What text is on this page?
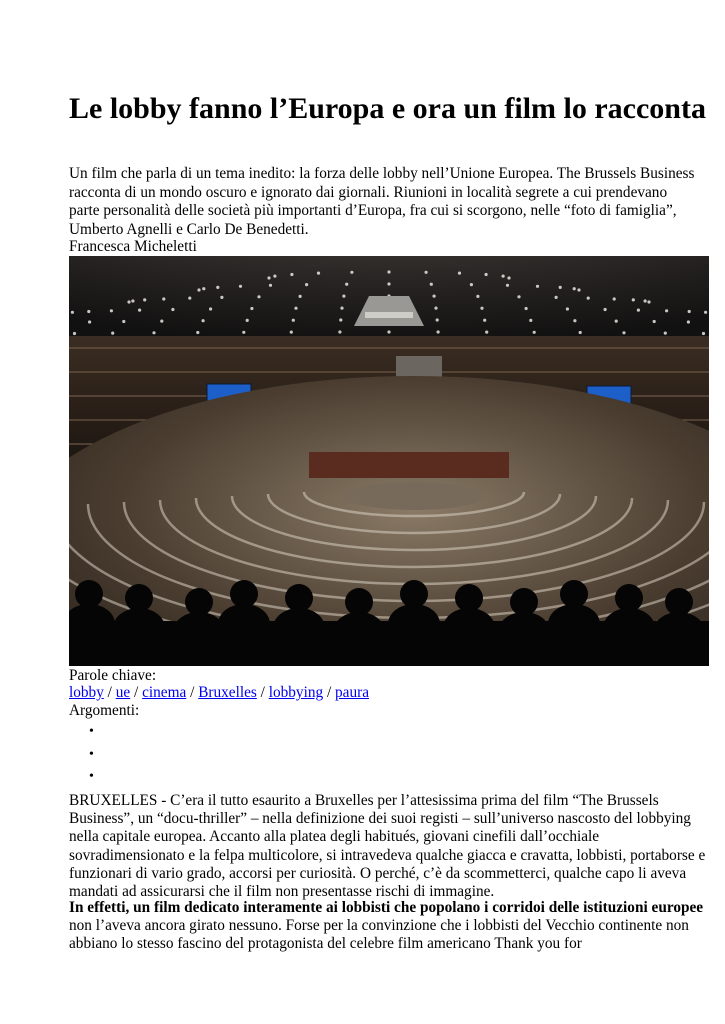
Le lobby fanno l’Europa e ora un film lo racconta

Un film che parla di un tema inedito: la forza delle lobby nell’Unione Europea. The Brussels Business racconta di un mondo oscuro e ignorato dai giornali. Riunioni in località segrete a cui prendevano parte personalità delle società più importanti d’Europa, fra cui si scorgono, nelle “foto di famiglia”, Umberto Agnelli e Carlo De Benedetti.

Francesca Micheletti
Parole chiave:
lobby / ue / cinema / Bruxelles / lobbying / paura
Argomenti:

BRUXELLES - C’era il tutto esaurito a Bruxelles per l’attesissima prima del film “The Brussels Business”, un “docu-thriller” – nella definizione dei suoi registi – sull’universo nascosto del lobbying nella capitale europea. Accanto alla platea degli habitués, giovani cinefili dall’occhiale sovradimensionato e la felpa multicolore, si intravedeva qualche giacca e cravatta, lobbisti, portaborse e funzionari di vario grado, accorsi per curiosità. O perché, c’è da scommetterci, qualche capo li aveva mandati ad assicurarsi che il film non presentasse rischi di immagine.

In effetti, un film dedicato interamente ai lobbisti che popolano i corridoi delle istituzioni europee non l’aveva ancora girato nessuno. Forse per la convinzione che i lobbisti del Vecchio continente non abbiano lo stesso fascino del protagonista del celebre film americano Thank you for
